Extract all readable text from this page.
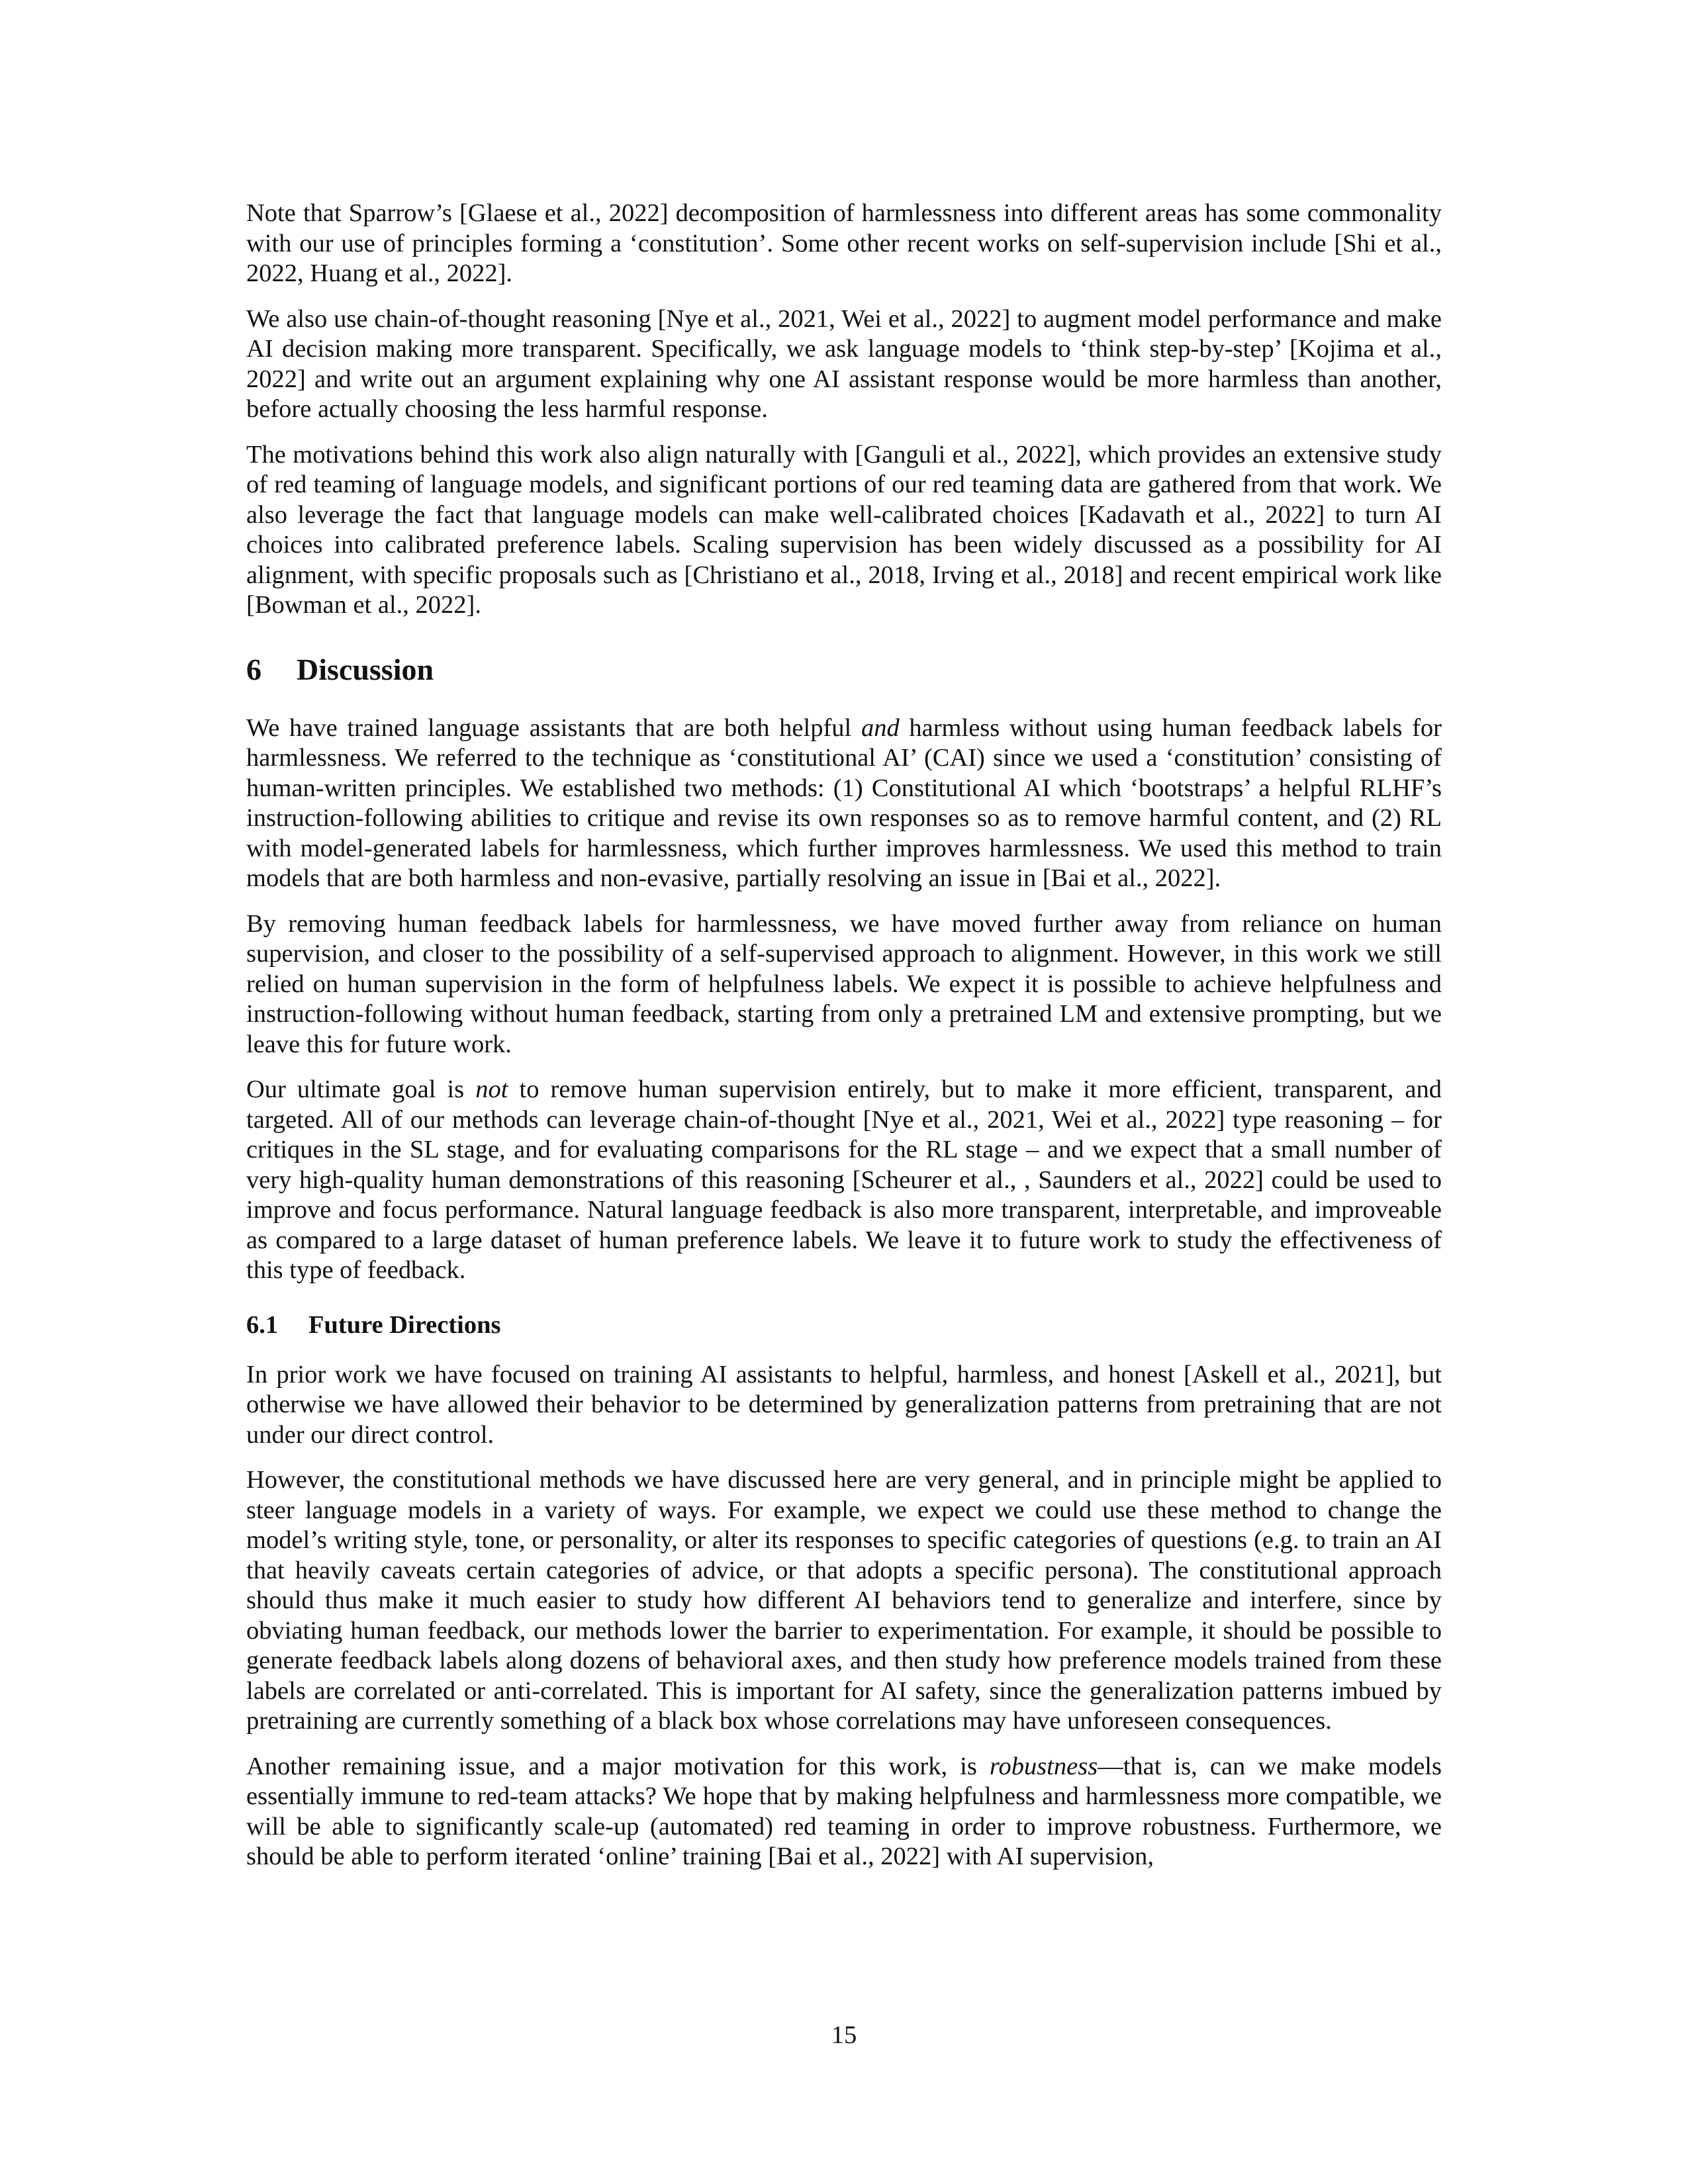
Note that Sparrow’s [Glaese et al., 2022] decomposition of harmlessness into different areas has some commonality with our use of principles forming a ‘constitution’. Some other recent works on self-supervision include [Shi et al., 2022, Huang et al., 2022].

We also use chain-of-thought reasoning [Nye et al., 2021, Wei et al., 2022] to augment model performance and make AI decision making more transparent. Specifically, we ask language models to ‘think step-by-step’ [Kojima et al., 2022] and write out an argument explaining why one AI assistant response would be more harmless than another, before actually choosing the less harmful response.

The motivations behind this work also align naturally with [Ganguli et al., 2022], which provides an extensive study of red teaming of language models, and significant portions of our red teaming data are gathered from that work. We also leverage the fact that language models can make well-calibrated choices [Kadavath et al., 2022] to turn AI choices into calibrated preference labels. Scaling supervision has been widely discussed as a possibility for AI alignment, with specific proposals such as [Christiano et al., 2018, Irving et al., 2018] and recent empirical work like [Bowman et al., 2022].

6 Discussion

We have trained language assistants that are both helpful and harmless without using human feedback labels for harmlessness. We referred to the technique as ‘constitutional AI’ (CAI) since we used a ‘constitution’ consisting of human-written principles. We established two methods: (1) Constitutional AI which ‘bootstraps’ a helpful RLHF’s instruction-following abilities to critique and revise its own responses so as to remove harmful content, and (2) RL with model-generated labels for harmlessness, which further improves harmlessness. We used this method to train models that are both harmless and non-evasive, partially resolving an issue in [Bai et al., 2022].

By removing human feedback labels for harmlessness, we have moved further away from reliance on human supervision, and closer to the possibility of a self-supervised approach to alignment. However, in this work we still relied on human supervision in the form of helpfulness labels. We expect it is possible to achieve helpfulness and instruction-following without human feedback, starting from only a pretrained LM and extensive prompting, but we leave this for future work.

Our ultimate goal is not to remove human supervision entirely, but to make it more efficient, transparent, and targeted. All of our methods can leverage chain-of-thought [Nye et al., 2021, Wei et al., 2022] type reasoning – for critiques in the SL stage, and for evaluating comparisons for the RL stage – and we expect that a small number of very high-quality human demonstrations of this reasoning [Scheurer et al., , Saunders et al., 2022] could be used to improve and focus performance. Natural language feedback is also more transparent, interpretable, and improveable as compared to a large dataset of human preference labels. We leave it to future work to study the effectiveness of this type of feedback.

6.1 Future Directions

In prior work we have focused on training AI assistants to helpful, harmless, and honest [Askell et al., 2021], but otherwise we have allowed their behavior to be determined by generalization patterns from pretraining that are not under our direct control.

However, the constitutional methods we have discussed here are very general, and in principle might be applied to steer language models in a variety of ways. For example, we expect we could use these method to change the model’s writing style, tone, or personality, or alter its responses to specific categories of questions (e.g. to train an AI that heavily caveats certain categories of advice, or that adopts a specific persona). The constitutional approach should thus make it much easier to study how different AI behaviors tend to generalize and interfere, since by obviating human feedback, our methods lower the barrier to experimentation. For example, it should be possible to generate feedback labels along dozens of behavioral axes, and then study how preference models trained from these labels are correlated or anti-correlated. This is important for AI safety, since the generalization patterns imbued by pretraining are currently something of a black box whose correlations may have unforeseen consequences.

Another remaining issue, and a major motivation for this work, is robustness—that is, can we make models essentially immune to red-team attacks? We hope that by making helpfulness and harmlessness more compatible, we will be able to significantly scale-up (automated) red teaming in order to improve robustness. Furthermore, we should be able to perform iterated ‘online’ training [Bai et al., 2022] with AI supervision,

15
